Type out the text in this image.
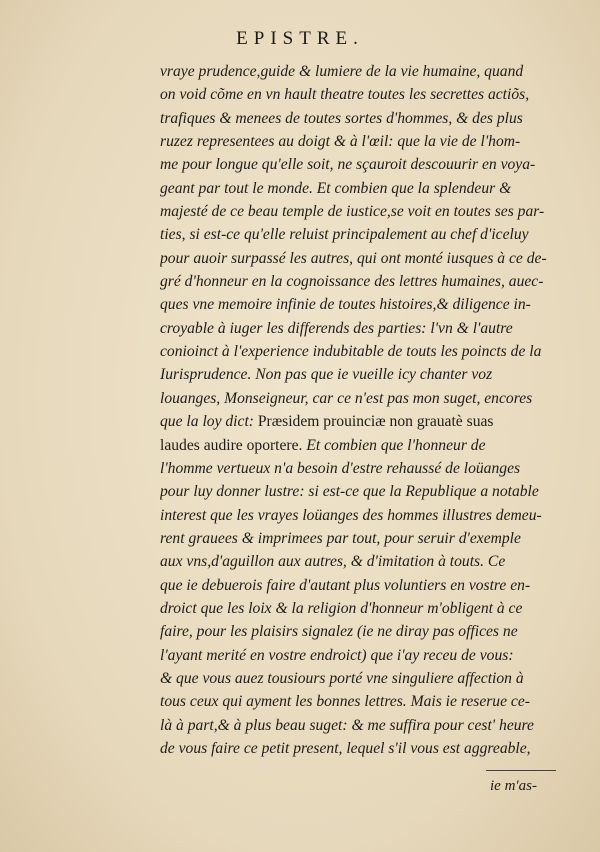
EPISTRE.
vraye prudence,guide & lumiere de la vie humaine, quand
on void cõme en vn hault theatre toutes les secrettes actiõs,
trafiques & menees de toutes sortes d'hommes, & des plus
ruzez representees au doigt & à l'œil: que la vie de l'hom-
me pour longue qu'elle soit, ne sçauroit descouurir en voya-
geant par tout le monde. Et combien que la splendeur &
majesté de ce beau temple de iustice,se voit en toutes ses par-
ties, si est-ce qu'elle reluist principalement au chef d'iceluy
pour auoir surpassé les autres, qui ont monté iusques à ce de-
gré d'honneur en la cognoissance des lettres humaines, auec-
ques vne memoire infinie de toutes histoires,& diligence in-
croyable à iuger les differends des parties: l'vn & l'autre
conioinct à l'experience indubitable de touts les poincts de la
Iurisprudence. Non pas que ie vueille icy chanter voz
louanges, Monseigneur, car ce n'est pas mon suget, encores
que la loy dict: Præsidem prouinciæ non grauatè suas
laudes audire oportere. Et combien que l'honneur de
l'homme vertueux n'a besoin d'estre rehaussé de loüanges
pour luy donner lustre: si est-ce que la Republique a notable
interest que les vrayes loüanges des hommes illustres demeu-
rent grauees & imprimees par tout, pour seruir d'exemple
aux vns,d'aguillon aux autres, & d'imitation à touts. Ce
que ie debuerois faire d'autant plus voluntiers en vostre en-
droict que les loix & la religion d'honneur m'obligent à ce
faire, pour les plaisirs signalez (ie ne diray pas offices ne
l'ayant merité en vostre endroict) que i'ay receu de vous:
& que vous auez tousiours porté vne singuliere affection à
tous ceux qui ayment les bonnes lettres. Mais ie reserue ce-
là à part,& à plus beau suget: & me suffira pour cest' heure
de vous faire ce petit present, lequel s'il vous est aggreable,
ie m'as-
